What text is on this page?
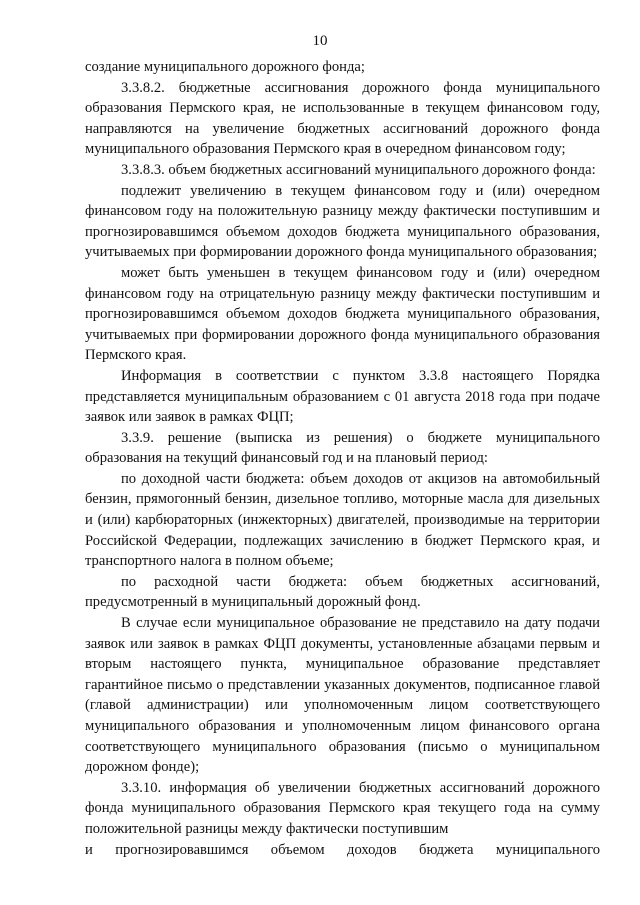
10

создание муниципального дорожного фонда;

3.3.8.2. бюджетные ассигнования дорожного фонда муниципального образования Пермского края, не использованные в текущем финансовом году, направляются на увеличение бюджетных ассигнований дорожного фонда муниципального образования Пермского края в очередном финансовом году;

3.3.8.3. объем бюджетных ассигнований муниципального дорожного фонда:

подлежит увеличению в текущем финансовом году и (или) очередном финансовом году на положительную разницу между фактически поступившим и прогнозировавшимся объемом доходов бюджета муниципального образования, учитываемых при формировании дорожного фонда муниципального образования;

может быть уменьшен в текущем финансовом году и (или) очередном финансовом году на отрицательную разницу между фактически поступившим и прогнозировавшимся объемом доходов бюджета муниципального образования, учитываемых при формировании дорожного фонда муниципального образования Пермского края.

Информация в соответствии с пунктом 3.3.8 настоящего Порядка представляется муниципальным образованием с 01 августа 2018 года при подаче заявок или заявок в рамках ФЦП;

3.3.9. решение (выписка из решения) о бюджете муниципального образования на текущий финансовый год и на плановый период:

по доходной части бюджета: объем доходов от акцизов на автомобильный бензин, прямогонный бензин, дизельное топливо, моторные масла для дизельных и (или) карбюраторных (инжекторных) двигателей, производимые на территории Российской Федерации, подлежащих зачислению в бюджет Пермского края, и транспортного налога в полном объеме;

по расходной части бюджета: объем бюджетных ассигнований, предусмотренный в муниципальный дорожный фонд.

В случае если муниципальное образование не представило на дату подачи заявок или заявок в рамках ФЦП документы, установленные абзацами первым и вторым настоящего пункта, муниципальное образование представляет гарантийное письмо о представлении указанных документов, подписанное главой (главой администрации) или уполномоченным лицом соответствующего муниципального образования и уполномоченным лицом финансового органа соответствующего муниципального образования (письмо о муниципальном дорожном фонде);

3.3.10. информация об увеличении бюджетных ассигнований дорожного фонда муниципального образования Пермского края текущего года на сумму положительной разницы между фактически поступившим

и прогнозировавшимся объемом доходов бюджета муниципального
